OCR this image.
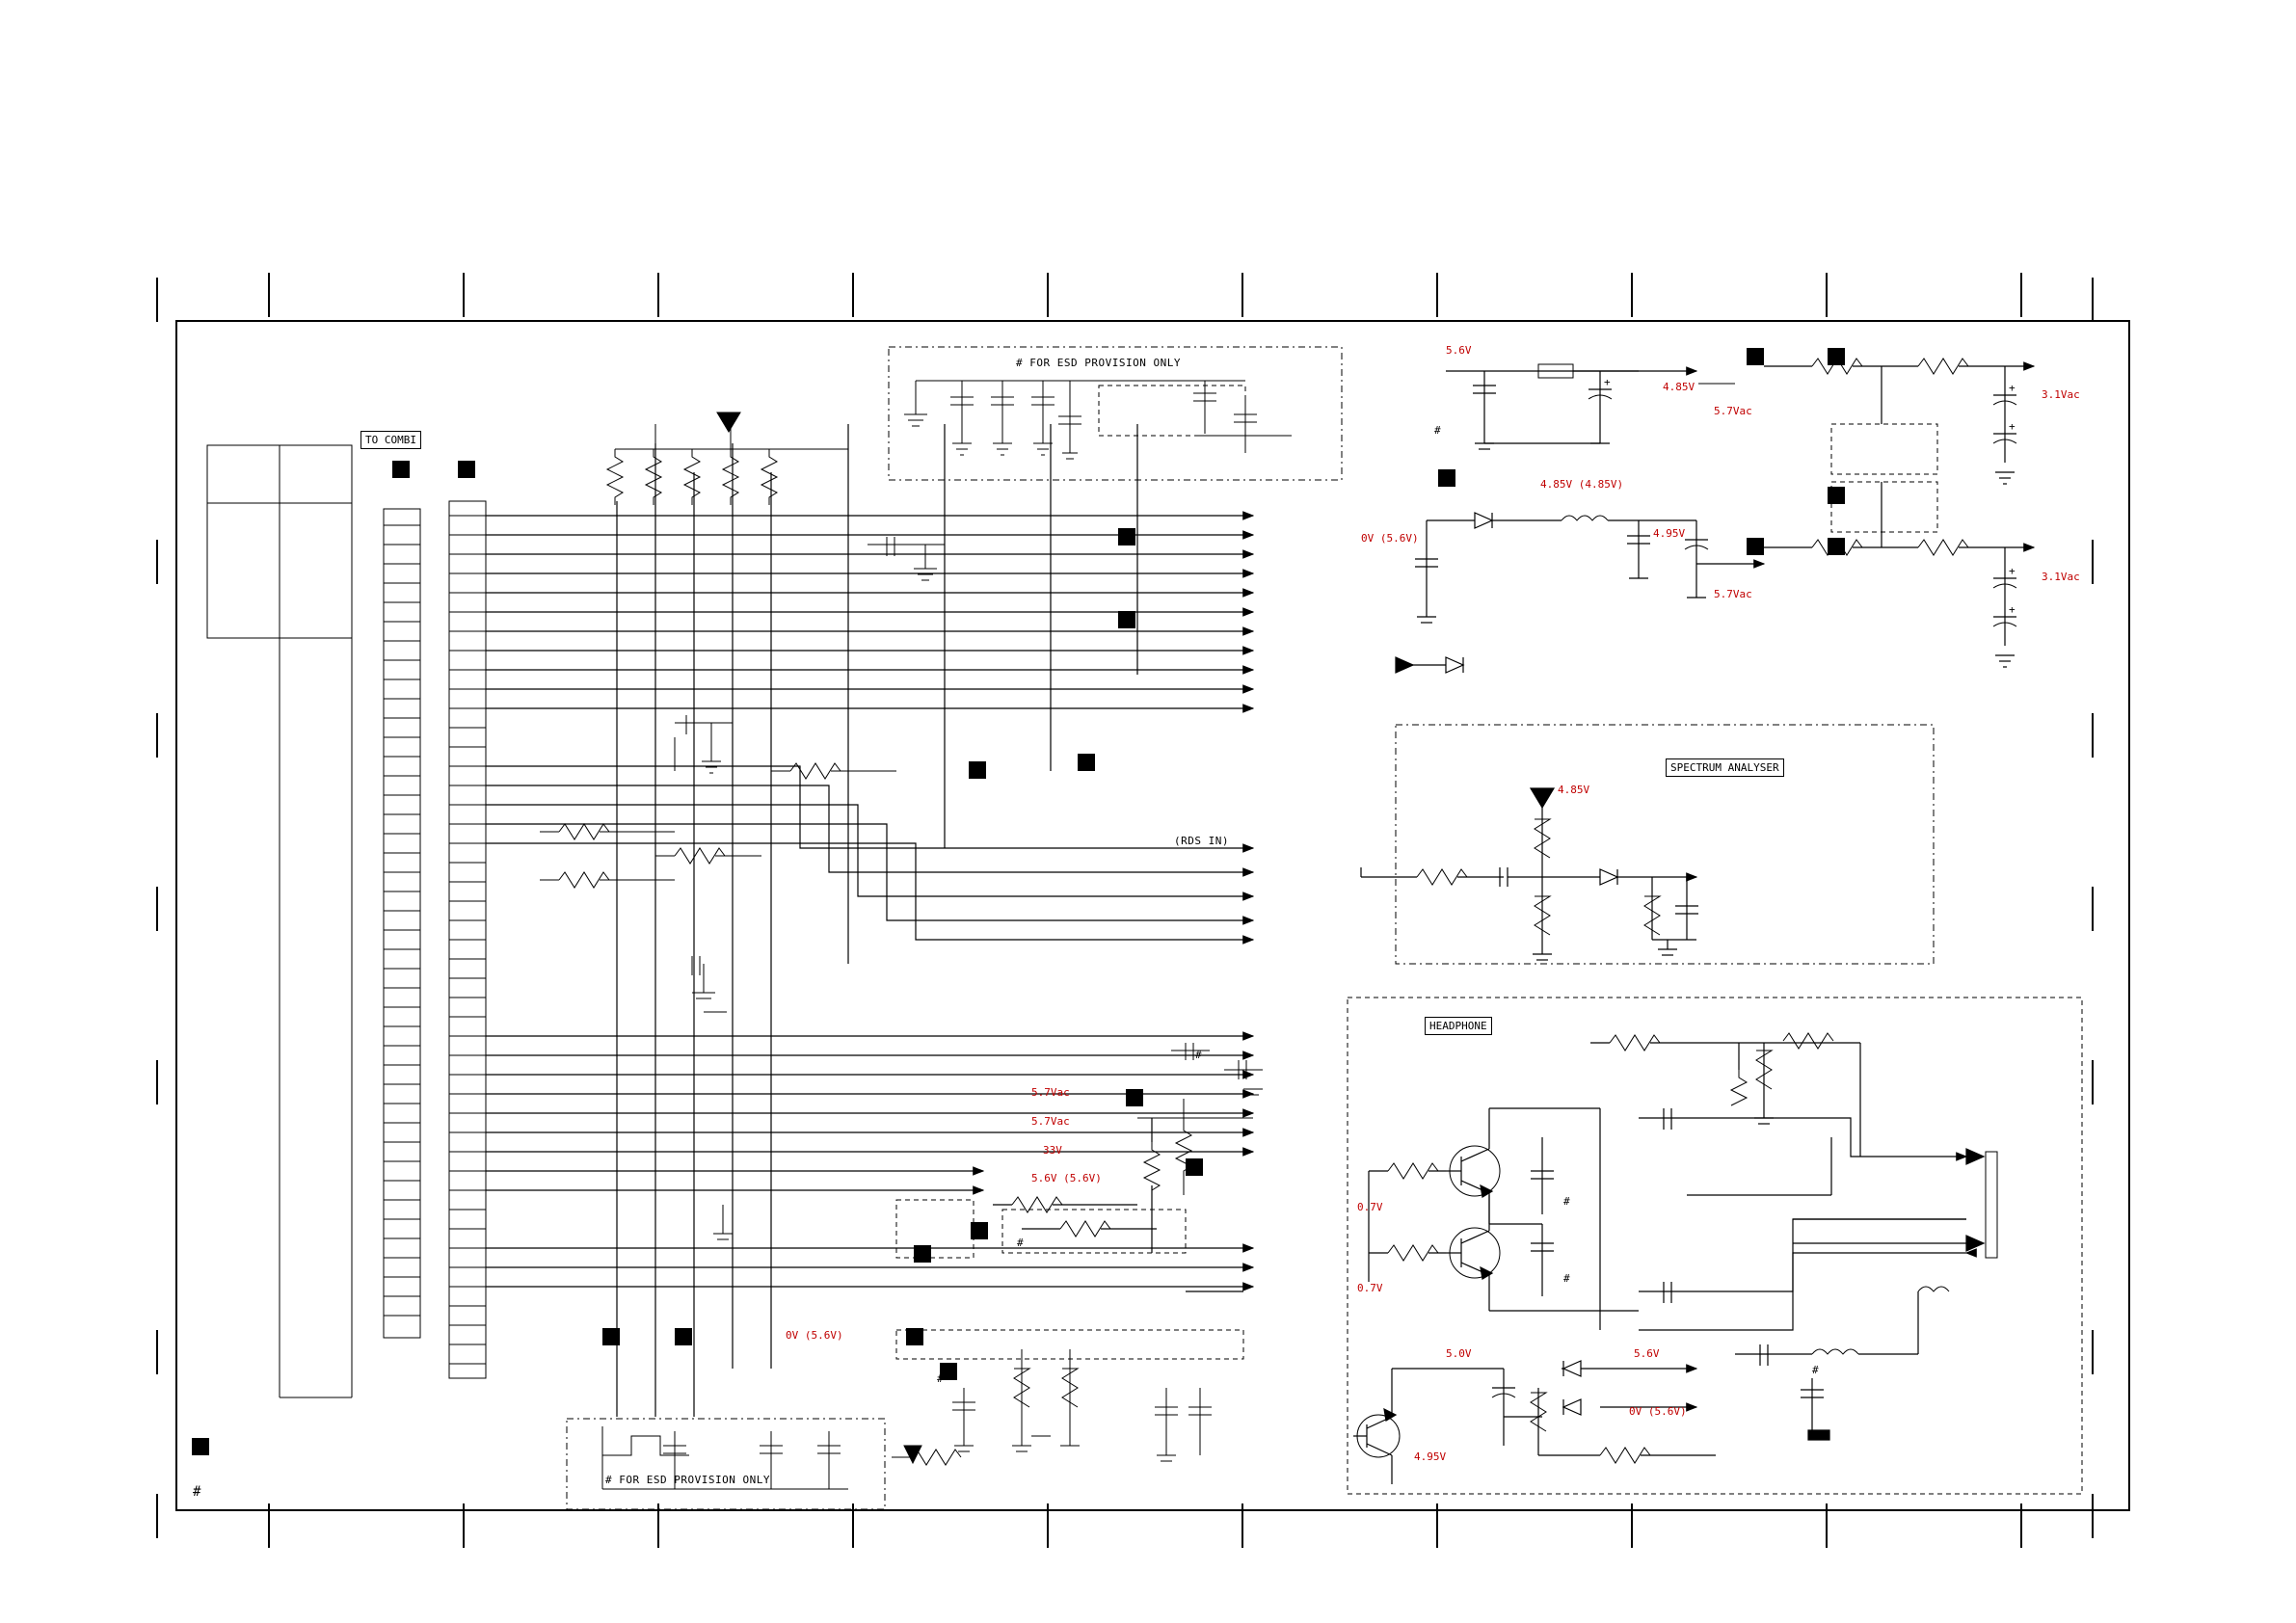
+	+
+
+
+
TO COMBI
SPECTRUM ANALYSER
HEADPHONE
# FOR ESD PROVISION ONLY
# FOR ESD PROVISION ONLY
(RDS IN)
#
#
#
#
#
#
#
#
5.6V
4.85V
5.7Vac
3.1Vac
4.85V (4.85V)
0V (5.6V)	4.95V
5.7Vac
3.1Vac
4.85V
5.7Vac
5.7Vac
33V
5.6V (5.6V)
0V (5.6V)
0.7V
0.7V
5.0V	5.6V
0V (5.6V)
4.95V
